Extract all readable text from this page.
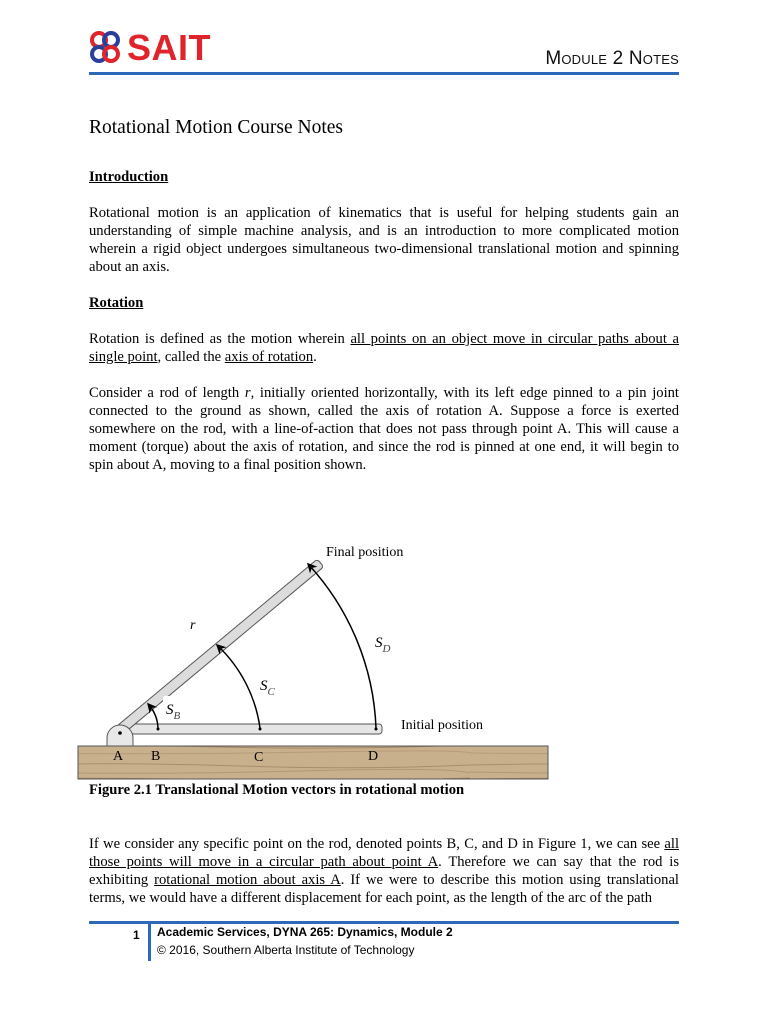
SAIT	Module 2 Notes
Rotational Motion Course Notes
Introduction

Rotational motion is an application of kinematics that is useful for helping students gain an understanding of simple machine analysis, and is an introduction to more complicated motion wherein a rigid object undergoes simultaneous two-dimensional translational motion and spinning about an axis.

Rotation

Rotation is defined as the motion wherein all points on an object move in circular paths about a single point, called the axis of rotation.

Consider a rod of length r, initially oriented horizontally, with its left edge pinned to a pin joint connected to the ground as shown, called the axis of rotation A. Suppose a force is exerted somewhere on the rod, with a line-of-action that does not pass through point A. This will cause a moment (torque) about the axis of rotation, and since the rod is pinned at one end, it will begin to spin about A, moving to a final position shown.

Final position
Initial position
r
$S_D$
$S_C$
$S_B$
A B	C	D
Figure 2.1 Translational Motion vectors in rotational motion

If we consider any specific point on the rod, denoted points B, C, and D in Figure 1, we can see all those points will move in a circular path about point A. Therefore we can say that the rod is exhibiting rotational motion about axis A. If we were to describe this motion using translational terms, we would have a different displacement for each point, as the length of the arc of the path

1 Academic Services, DYNA 265: Dynamics, Module 2
© 2016, Southern Alberta Institute of Technology
